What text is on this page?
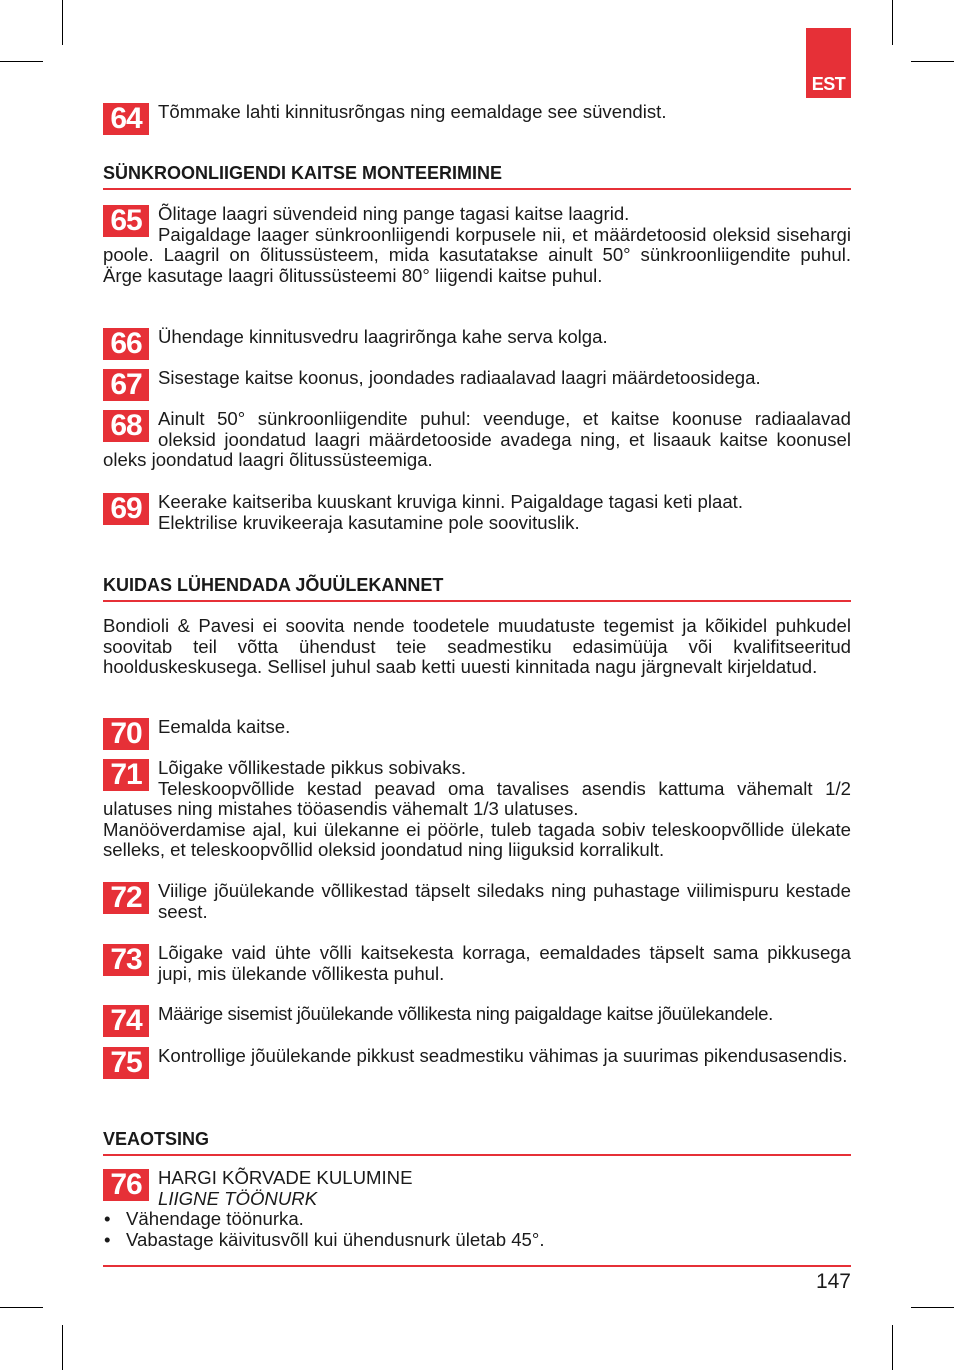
EST
64 Tõmmake lahti kinnitusrõngas ning eemaldage see süvendist.
SÜNKROONLIIGENDI KAITSE MONTEERIMINE
65 Õlitage laagri süvendeid ning pange tagasi kaitse laagrid.

Paigaldage laager sünkroonliigendi korpusele nii, et määrdetoosid oleksid sisehargi poole. Laagril on õlitussüsteem, mida kasutatakse ainult 50° sünkroonliigendite puhul. Ärge kasutage laagri õlitussüsteemi 80° liigendi kaitse puhul.

66 Ühendage kinnitusvedru laagrirõnga kahe serva kolga.
67 Sisestage kaitse koonus, joondades radiaalavad laagri määrdetoosidega.
68 Ainult 50° sünkroonliigendite puhul: veenduge, et kaitse koonuse radiaalavad oleksid joondatud laagri määrdetooside avadega ning, et lisaauk kaitse koonusel oleks joondatud laagri õlitussüsteemiga.
69 Keerake kaitseriba kuuskant kruviga kinni. Paigaldage tagasi keti plaat.

Elektrilise kruvikeeraja kasutamine pole soovituslik.

KUIDAS LÜHENDADA JÕUÜLEKANNET
Bondioli & Pavesi ei soovita nende toodetele muudatuste tegemist ja kõikidel puhkudel soovitab teil võtta ühendust teie seadmestiku edasimüüja või kvalifitseeritud hoolduskeskusega. Sellisel juhul saab ketti uuesti kinnitada nagu järgnevalt kirjeldatud.
70 Eemalda kaitse.
71 Lõigake võllikestade pikkus sobivaks.

Teleskoopvõllide kestad peavad oma tavalises asendis kattuma vähemalt 1/2 ulatuses ning mistahes tööasendis vähemalt 1/3 ulatuses.

Manööverdamise ajal, kui ülekanne ei pöörle, tuleb tagada sobiv teleskoopvõllide ülekate selleks, et teleskoopvõllid oleksid joondatud ning liiguksid korralikult.

72 Viilige jõuülekande võllikestad täpselt siledaks ning puhastage viilimispuru kestade seest.
73 Lõigake vaid ühte võlli kaitsekesta korraga, eemaldades täpselt sama pikkusega jupi, mis ülekande võllikesta puhul.
74 Määrige sisemist jõuülekande võllikesta ning paigaldage kaitse jõuülekandele.
75 Kontrollige jõuülekande pikkust seadmestiku vähimas ja suurimas pikendusasendis.
VEAOTSING
76 HARGI KÕRVADE KULUMINE

LIIGNE TÖÖNURK

• Vähendage töönurka.
• Vabastage käivitusvõll kui ühendusnurk ületab 45°.
147
